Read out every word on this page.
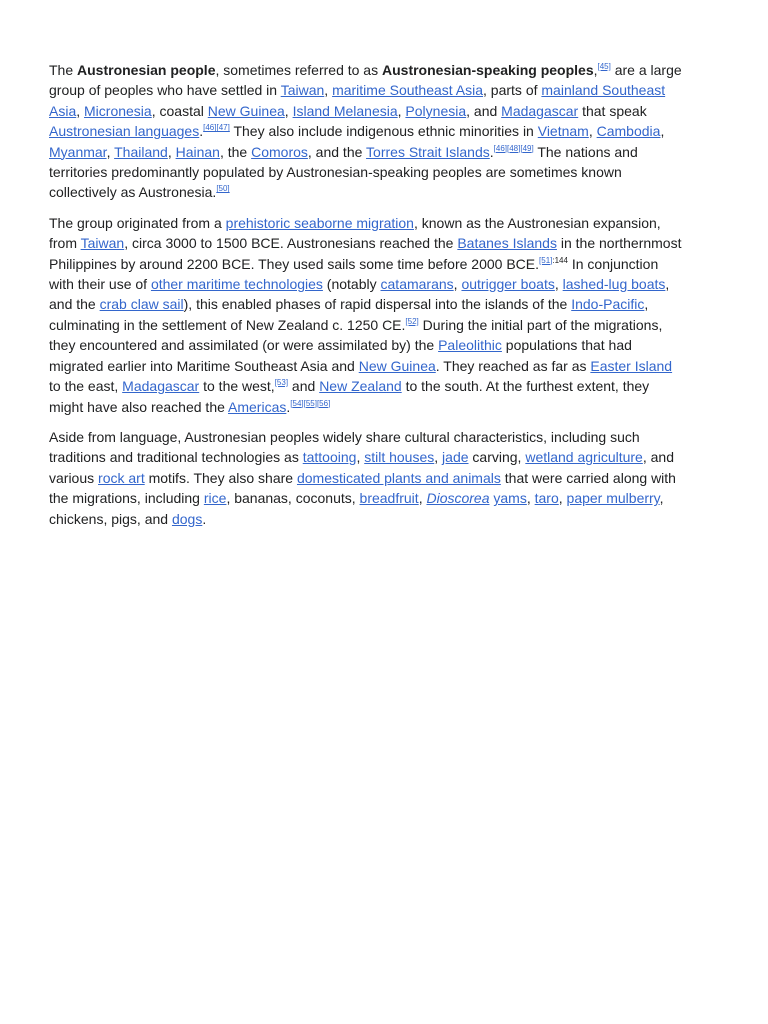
The Austronesian people, sometimes referred to as Austronesian-speaking peoples,[45] are a large group of peoples who have settled in Taiwan, maritime Southeast Asia, parts of mainland Southeast Asia, Micronesia, coastal New Guinea, Island Melanesia, Polynesia, and Madagascar that speak Austronesian languages.[46][47] They also include indigenous ethnic minorities in Vietnam, Cambodia, Myanmar, Thailand, Hainan, the Comoros, and the Torres Strait Islands.[46][48][49] The nations and territories predominantly populated by Austronesian-speaking peoples are sometimes known collectively as Austronesia.[50]

The group originated from a prehistoric seaborne migration, known as the Austronesian expansion, from Taiwan, circa 3000 to 1500 BCE. Austronesians reached the Batanes Islands in the northernmost Philippines by around 2200 BCE. They used sails some time before 2000 BCE.$^{[51]:144}$ In conjunction with their use of other maritime technologies (notably catamarans, outrigger boats, lashed-lug boats, and the crab claw sail), this enabled phases of rapid dispersal into the islands of the Indo-Pacific, culminating in the settlement of New Zealand c. 1250 CE.[52] During the initial part of the migrations, they encountered and assimilated (or were assimilated by) the Paleolithic populations that had migrated earlier into Maritime Southeast Asia and New Guinea. They reached as far as Easter Island to the east, Madagascar to the west,[53] and New Zealand to the south. At the furthest extent, they might have also reached the Americas.[54][55][56]

Aside from language, Austronesian peoples widely share cultural characteristics, including such traditions and traditional technologies as tattooing, stilt houses, jade carving, wetland agriculture, and various rock art motifs. They also share domesticated plants and animals that were carried along with the migrations, including rice, bananas, coconuts, breadfruit, Dioscorea yams, taro, paper mulberry, chickens, pigs, and dogs.
